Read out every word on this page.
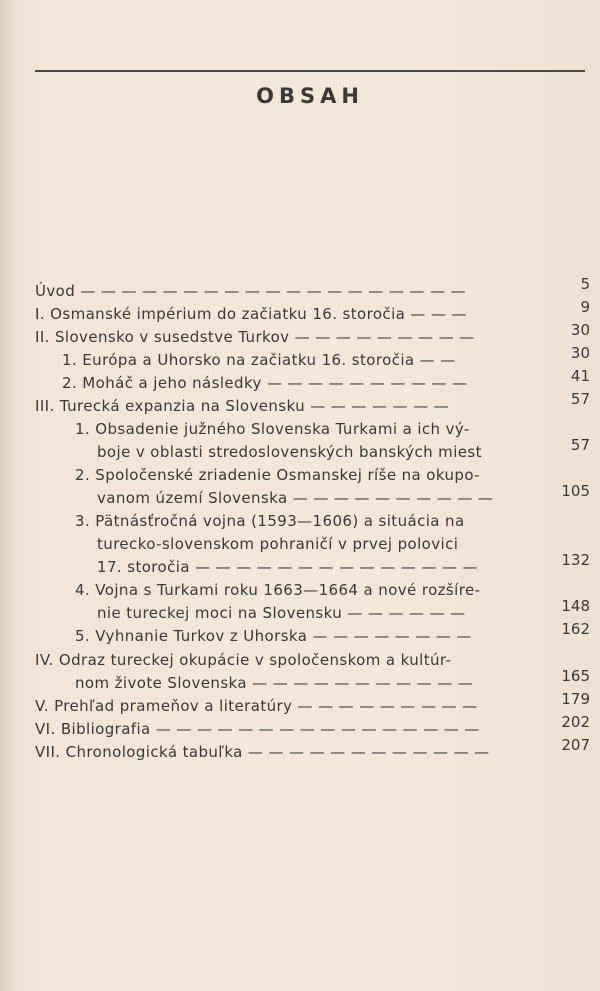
OBSAH
Úvod — — — — — — — — — — — — — — — — — — —	5
I. Osmanské impérium do začiatku 16. storočia — — —	9
II. Slovensko v susedstve Turkov — — — — — — — — —	30
1. Európa a Uhorsko na začiatku 16. storočia — —	30
2. Moháč a jeho následky — — — — — — — — — —	41
III. Turecká expanzia na Slovensku — — — — — — —	57
1. Obsadenie južného Slovenska Turkami a ich vý-
boje v oblasti stredoslovenských banských miest	57
2. Spoločenské zriadenie Osmanskej ríše na okupo-
vanom území Slovenska — — — — — — — — — —	105
3. Pätnásťročná vojna (1593—1606) a situácia na
turecko-slovenskom pohraničí v prvej polovici
17. storočia — — — — — — — — — — — — — —	132
4. Vojna s Turkami roku 1663—1664 a nové rozšíre-
nie tureckej moci na Slovensku — — — — — —	148
5. Vyhnanie Turkov z Uhorska — — — — — — — —	162
IV. Odraz tureckej okupácie v spoločenskom a kultúr-
nom živote Slovenska — — — — — — — — — — —	165
V. Prehľad prameňov a literatúry — — — — — — — — —	179
VI. Bibliografia — — — — — — — — — — — — — — — —	202
VII. Chronologická tabuľka — — — — — — — — — — — —	207
